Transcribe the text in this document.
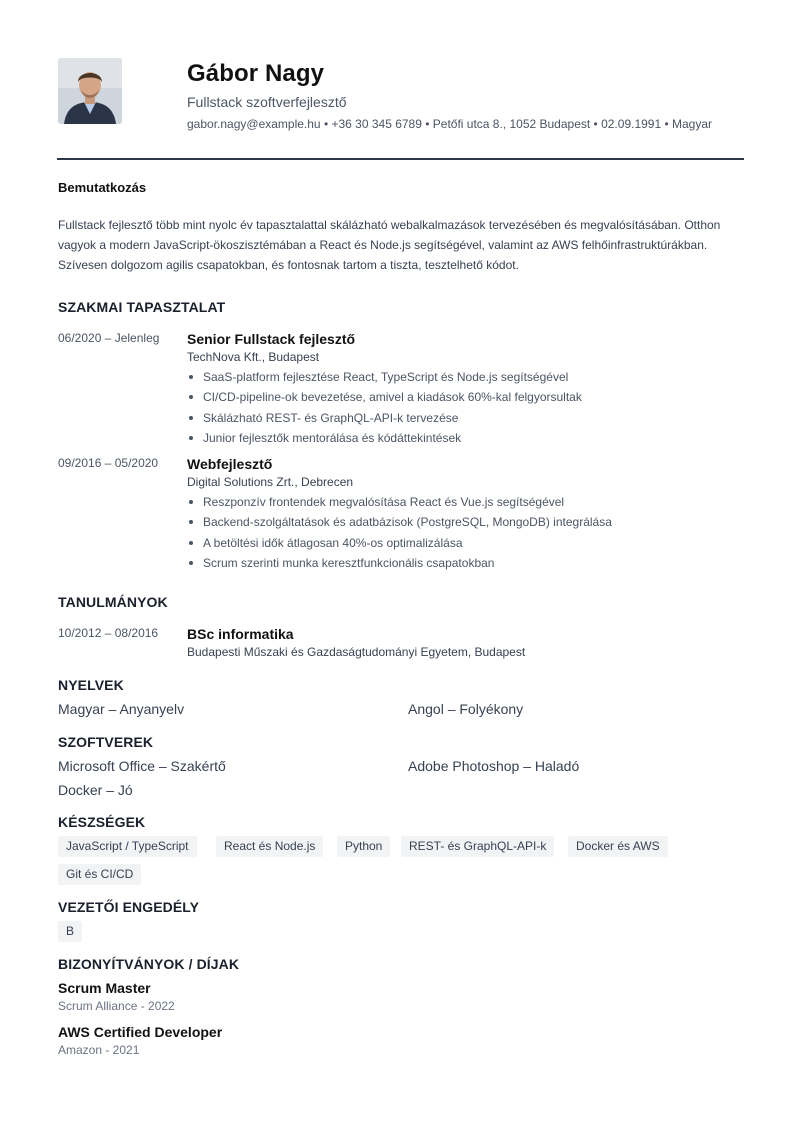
Gábor Nagy
Fullstack szoftverfejlesztő
gabor.nagy@example.hu • +36 30 345 6789 • Petőfi utca 8., 1052 Budapest • 02.09.1991 • Magyar
Bemutatkozás
Fullstack fejlesztő több mint nyolc év tapasztalattal skálázható webalkalmazások tervezésében és megvalósításában. Otthon vagyok a modern JavaScript-ökoszisztémában a React és Node.js segítségével, valamint az AWS felhőinfrastruktúrákban. Szívesen dolgozom agilis csapatokban, és fontosnak tartom a tiszta, tesztelhető kódot.
SZAKMAI TAPASZTALAT
06/2020 – Jelenleg Senior Fullstack fejlesztő
TechNova Kft., Budapest
SaaS-platform fejlesztése React, TypeScript és Node.js segítségével
CI/CD-pipeline-ok bevezetése, amivel a kiadások 60%-kal felgyorsultak
Skálázható REST- és GraphQL-API-k tervezése
Junior fejlesztők mentorálása és kódáttekintések
09/2016 – 05/2020 Webfejlesztő
Digital Solutions Zrt., Debrecen
Reszponzív frontendek megvalósítása React és Vue.js segítségével
Backend-szolgáltatások és adatbázisok (PostgreSQL, MongoDB) integrálása
A betöltési idők átlagosan 40%-os optimalizálása
Scrum szerinti munka keresztfunkcionális csapatokban
TANULMÁNYOK
10/2012 – 08/2016 BSc informatika
Budapesti Műszaki és Gazdaságtudományi Egyetem, Budapest
NYELVEK
Magyar – Anyanyelv	Angol – Folyékony
SZOFTVEREK
Microsoft Office – Szakértő	Adobe Photoshop – Haladó
Docker – Jó
KÉSZSÉGEK
JavaScript / TypeScript	React és Node.js	Python	REST- és GraphQL-API-k	Docker és AWS
Git és CI/CD
VEZETŐI ENGEDÉLY
B
BIZONYÍTVÁNYOK / DÍJAK
Scrum Master
Scrum Alliance - 2022
AWS Certified Developer
Amazon - 2021
